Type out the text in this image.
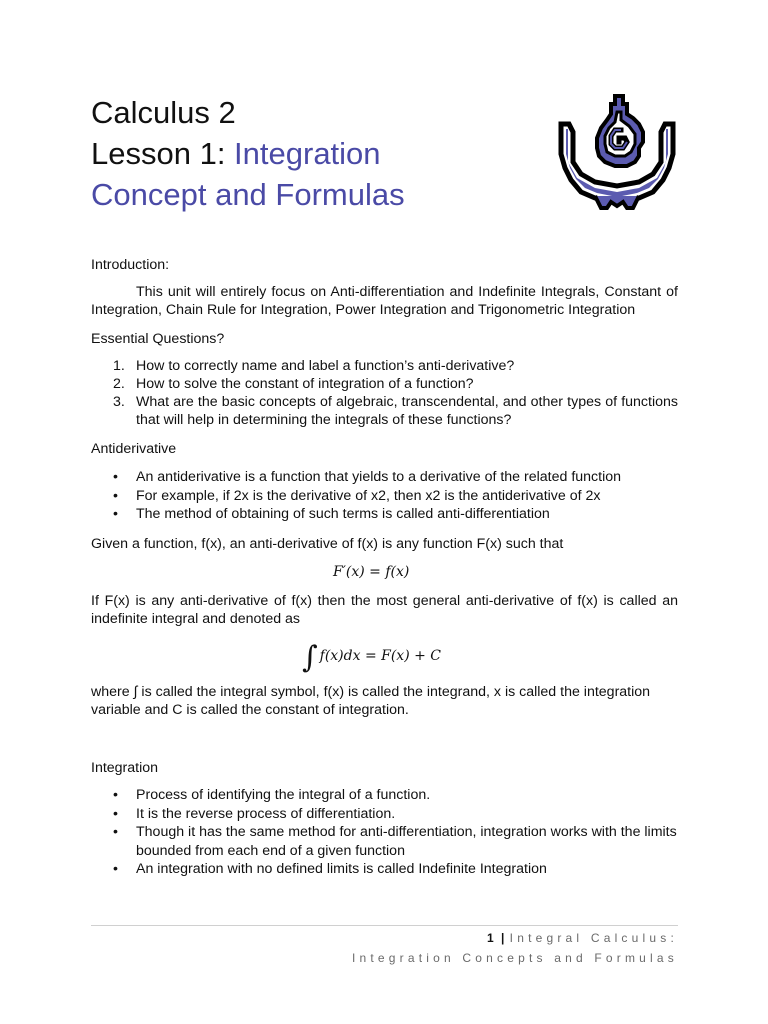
Calculus 2
Lesson 1: Integration
Concept and Formulas
Introduction:
This unit will entirely focus on Anti-differentiation and Indefinite Integrals, Constant of Integration, Chain Rule for Integration, Power Integration and Trigonometric Integration
Essential Questions?
1. How to correctly name and label a function’s anti-derivative?
2. How to solve the constant of integration of a function?
3. What are the basic concepts of algebraic, transcendental, and other types of functions that will help in determining the integrals of these functions?
Antiderivative
• An antiderivative is a function that yields to a derivative of the related function
• For example, if 2x is the derivative of x2, then x2 is the antiderivative of 2x
• The method of obtaining of such terms is called anti-differentiation
Given a function, f(x), an anti-derivative of f(x) is any function F(x) such that
F′(x) = f(x)
If F(x) is any anti-derivative of f(x) then the most general anti-derivative of f(x) is called an indefinite integral and denoted as
∫ f(x)dx = F(x) + C
where ∫ is called the integral symbol, f(x) is called the integrand, x is called the integration variable and C is called the constant of integration.
Integration
• Process of identifying the integral of a function.
• It is the reverse process of differentiation.
• Though it has the same method for anti-differentiation, integration works with the limits bounded from each end of a given function
• An integration with no defined limits is called Indefinite Integration
1 | Integral Calculus:
Integration Concepts and Formulas
